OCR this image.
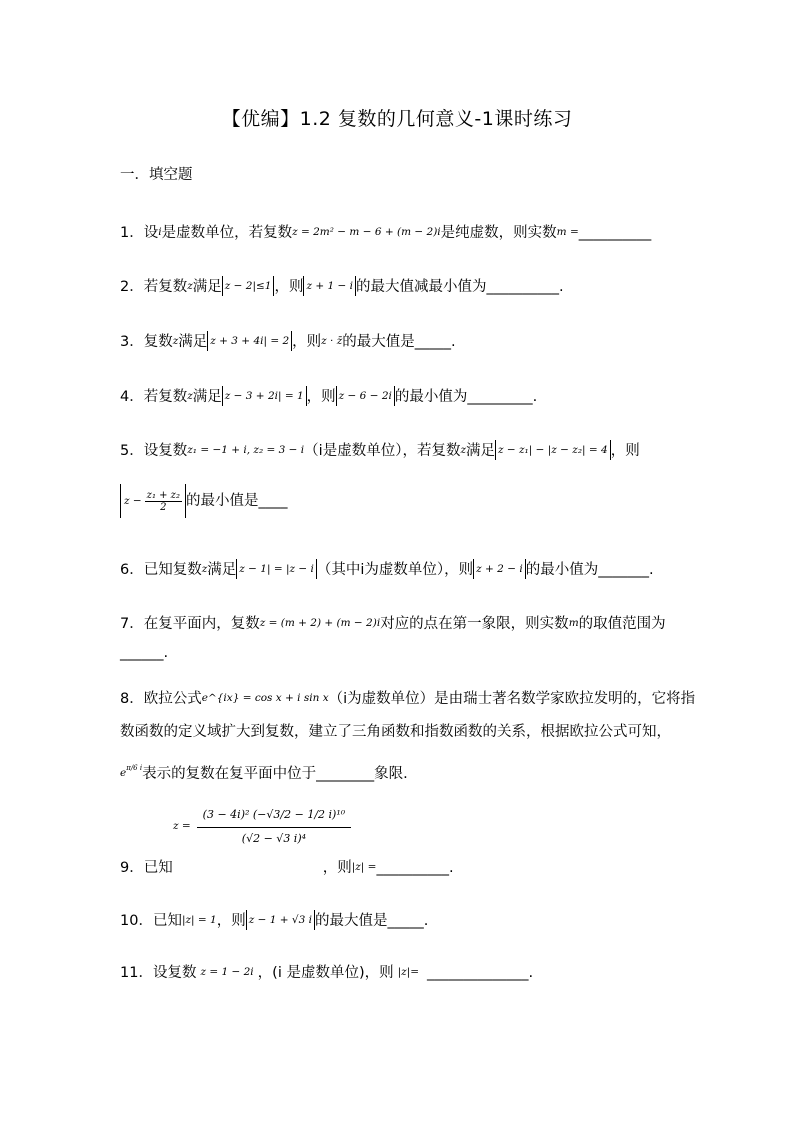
【优编】1.2 复数的几何意义-1课时练习
一．填空题
1．设i是虚数单位，若复数z = 2m² − m − 6 + (m − 2)i是纯虚数，则实数m =__________
2．若复数z满足 z − 2|≤1 ，则 z + 1 − i 的最大值减最小值为__________.
3．复数z满足 z + 3 + 4i| = 2 ，则z · z̄的最大值是_____.
4．若复数z满足 z − 3 + 2i| = 1 ，则 z − 6 − 2i 的最小值为_________.
5．设复数z₁ = −1 + i, z₂ = 3 − i（i是虚数单位），若复数z满足 z − z₁| − |z − z₂| = 4 ，则
$z - \frac{\text{z₁ + z₂}}{2}$ 的最小值是____
6．已知复数z满足 z − 1| = |z − i （其中i为虚数单位），则 z + 2 − i 的最小值为_______.
7．在复平面内，复数z = (m + 2) + (m − 2)i对应的点在第一象限，则实数m的取值范围为
______.
8．欧拉公式e^{ix} = cos x + i sin x（i为虚数单位）是由瑞士著名数学家欧拉发明的，它将指
数函数的定义域扩大到复数，建立了三角函数和指数函数的关系，根据欧拉公式可知，
$e^{\pi/6 i}$表示的复数在复平面中位于________象限.
$z = \frac{\text{(3 − 4i)² (−√3/2 − 1/2 i)¹⁰}}{\text{(√2 − √3 i)⁴}}$
9．已知	，则|z| =__________.
10．已知|z| = 1，则 z − 1 + √3 i 的最大值是_____.
11．设复数 z = 1 − 2i ，(i 是虚数单位)，则 |z|= ______________.
